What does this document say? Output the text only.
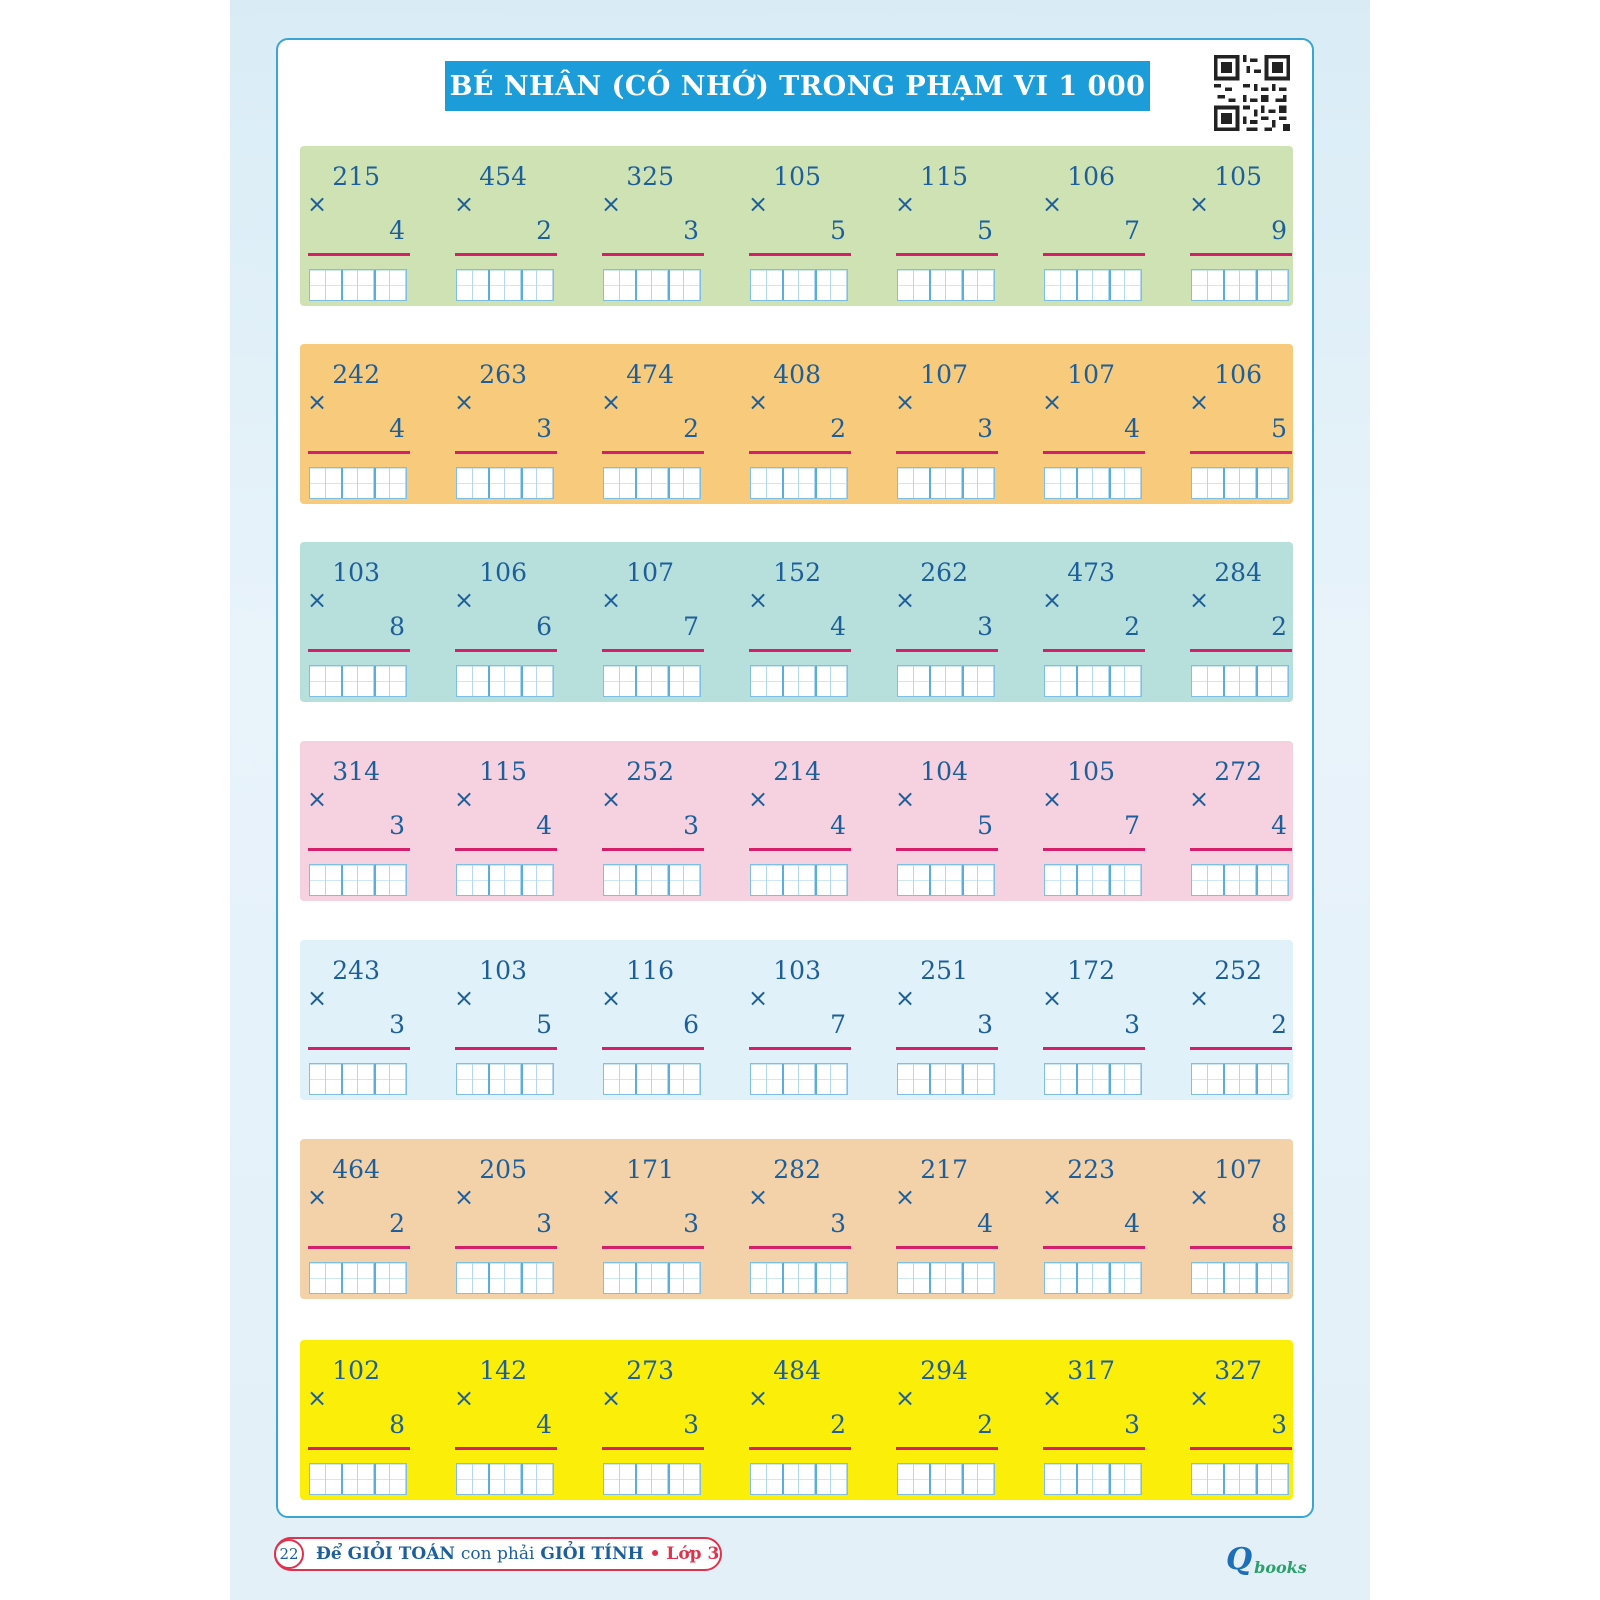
BÉ NHÂN (CÓ NHỚ) TRONG PHẠM VI 1 000
215
×
4
454
×
2
325
×
3
105
×
5
115
×
5
106
×
7
105
×
9
242
×
4
263
×
3
474
×
2
408
×
2
107
×
3
107
×
4
106
×
5
103
×
8
106
×
6
107
×
7
152
×
4
262
×
3
473
×
2
284
×
2
314
×
3
115
×
4
252
×
3
214
×
4
104
×
5
105
×
7
272
×
4
243
×
3
103
×
5
116
×
6
103
×
7
251
×
3
172
×
3
252
×
2
464
×
2
205
×
3
171
×
3
282
×
3
217
×
4
223
×
4
107
×
8
102
×
8
142
×
4
273
×
3
484
×
2
294
×
2
317
×
3
327
×
3
22	Để GIỎI TOÁN con phải GIỎI TÍNH • Lớp 3	Q books
